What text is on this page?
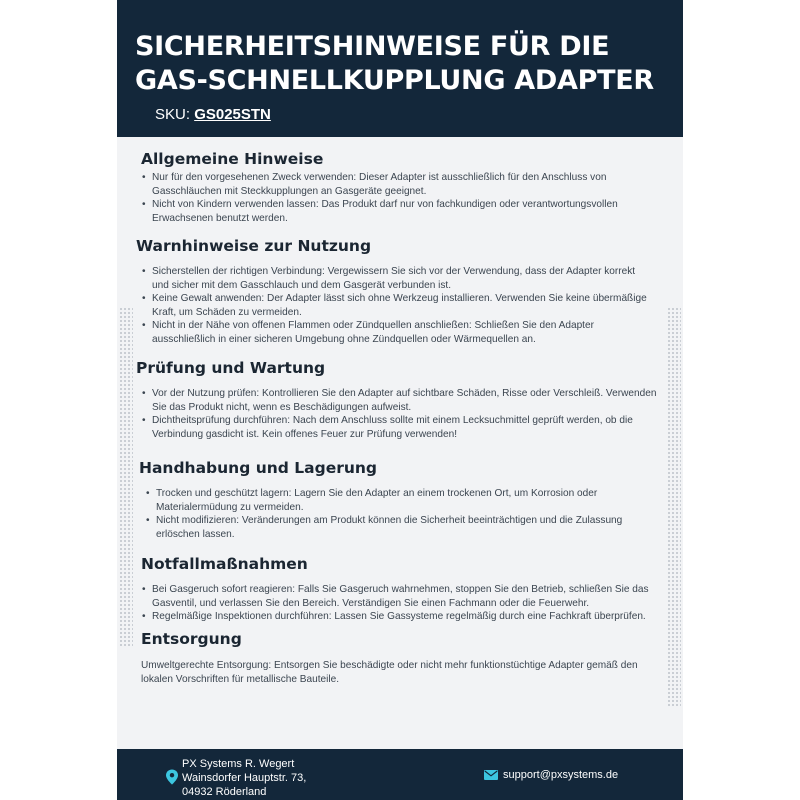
SICHERHEITSHINWEISE FÜR DIE
GAS-SCHNELLKUPPLUNG ADAPTER
SKU: GS025STN
Allgemeine Hinweise
• Nur für den vorgesehenen Zweck verwenden: Dieser Adapter ist ausschließlich für den Anschluss von Gasschläuchen mit Steckkupplungen an Gasgeräte geeignet.
• Nicht von Kindern verwenden lassen: Das Produkt darf nur von fachkundigen oder verantwortungsvollen Erwachsenen benutzt werden.
Warnhinweise zur Nutzung
• Sicherstellen der richtigen Verbindung: Vergewissern Sie sich vor der Verwendung, dass der Adapter korrekt und sicher mit dem Gasschlauch und dem Gasgerät verbunden ist.
• Keine Gewalt anwenden: Der Adapter lässt sich ohne Werkzeug installieren. Verwenden Sie keine übermäßige Kraft, um Schäden zu vermeiden.
• Nicht in der Nähe von offenen Flammen oder Zündquellen anschließen: Schließen Sie den Adapter ausschließlich in einer sicheren Umgebung ohne Zündquellen oder Wärmequellen an.
Prüfung und Wartung
• Vor der Nutzung prüfen: Kontrollieren Sie den Adapter auf sichtbare Schäden, Risse oder Verschleiß. Verwenden Sie das Produkt nicht, wenn es Beschädigungen aufweist.
• Dichtheitsprüfung durchführen: Nach dem Anschluss sollte mit einem Lecksuchmittel geprüft werden, ob die Verbindung gasdicht ist. Kein offenes Feuer zur Prüfung verwenden!
Handhabung und Lagerung
• Trocken und geschützt lagern: Lagern Sie den Adapter an einem trockenen Ort, um Korrosion oder Materialermüdung zu vermeiden.
• Nicht modifizieren: Veränderungen am Produkt können die Sicherheit beeinträchtigen und die Zulassung erlöschen lassen.
Notfallmaßnahmen
• Bei Gasgeruch sofort reagieren: Falls Sie Gasgeruch wahrnehmen, stoppen Sie den Betrieb, schließen Sie das Gasventil, und verlassen Sie den Bereich. Verständigen Sie einen Fachmann oder die Feuerwehr.
• Regelmäßige Inspektionen durchführen: Lassen Sie Gassysteme regelmäßig durch eine Fachkraft überprüfen.
Entsorgung
Umweltgerechte Entsorgung: Entsorgen Sie beschädigte oder nicht mehr funktionstüchtige Adapter gemäß den lokalen Vorschriften für metallische Bauteile.
PX Systems R. Wegert
Wainsdorfer Hauptstr. 73,
04932 Röderland
support@pxsystems.de
